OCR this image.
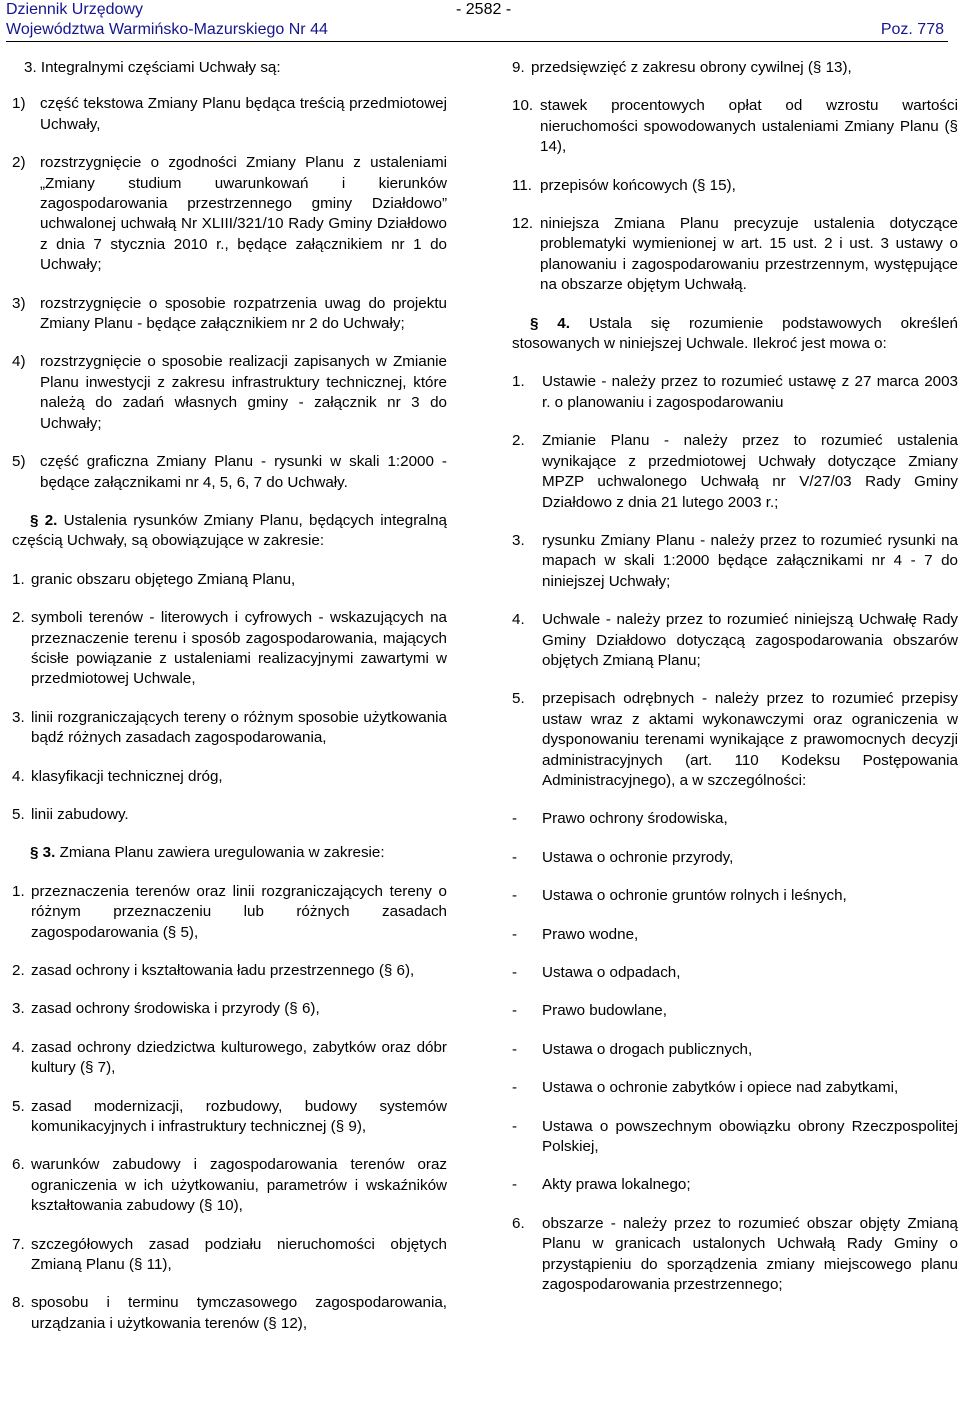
Dziennik Urzędowy
Województwa Warmińsko-Mazurskiego Nr 44
- 2582 -
Poz. 778

3. Integralnymi częściami Uchwały są:

1) część tekstowa Zmiany Planu będąca treścią przedmiotowej Uchwały,
2) rozstrzygnięcie o zgodności Zmiany Planu z ustaleniami „Zmiany studium uwarunkowań i kierunków zagospodarowania przestrzennego gminy Działdowo” uchwalonej uchwałą Nr XLIII/321/10 Rady Gminy Działdowo z dnia 7 stycznia 2010 r., będące załącznikiem nr 1 do Uchwały;
3) rozstrzygnięcie o sposobie rozpatrzenia uwag do projektu Zmiany Planu - będące załącznikiem nr 2 do Uchwały;
4) rozstrzygnięcie o sposobie realizacji zapisanych w Zmianie Planu inwestycji z zakresu infrastruktury technicznej, które należą do zadań własnych gminy - załącznik nr 3 do Uchwały;
5) część graficzna Zmiany Planu - rysunki w skali 1:2000 - będące załącznikami nr 4, 5, 6, 7 do Uchwały.

§ 2. Ustalenia rysunków Zmiany Planu, będących integralną częścią Uchwały, są obowiązujące w zakresie:

1. granic obszaru objętego Zmianą Planu,
2. symboli terenów - literowych i cyfrowych - wskazujących na przeznaczenie terenu i sposób zagospodarowania, mających ścisłe powiązanie z ustaleniami realizacyjnymi zawartymi w przedmiotowej Uchwale,
3. linii rozgraniczających tereny o różnym sposobie użytkowania bądź różnych zasadach zagospodarowania,
4. klasyfikacji technicznej dróg,
5. linii zabudowy.

§ 3. Zmiana Planu zawiera uregulowania w zakresie:

1. przeznaczenia terenów oraz linii rozgraniczających tereny o różnym przeznaczeniu lub różnych zasadach zagospodarowania (§ 5),
2. zasad ochrony i kształtowania ładu przestrzennego (§ 6),
3. zasad ochrony środowiska i przyrody (§ 6),
4. zasad ochrony dziedzictwa kulturowego, zabytków oraz dóbr kultury (§ 7),
5. zasad modernizacji, rozbudowy, budowy systemów komunikacyjnych i infrastruktury technicznej (§ 9),
6. warunków zabudowy i zagospodarowania terenów oraz ograniczenia w ich użytkowaniu, parametrów i wskaźników kształtowania zabudowy (§ 10),
7. szczegółowych zasad podziału nieruchomości objętych Zmianą Planu (§ 11),
8. sposobu i terminu tymczasowego zagospodarowania, urządzania i użytkowania terenów (§ 12),
9. przedsięwzięć z zakresu obrony cywilnej (§ 13),
10. stawek procentowych opłat od wzrostu wartości nieruchomości spowodowanych ustaleniami Zmiany Planu (§ 14),
11. przepisów końcowych (§ 15),
12. niniejsza Zmiana Planu precyzuje ustalenia dotyczące problematyki wymienionej w art. 15 ust. 2 i ust. 3 ustawy o planowaniu i zagospodarowaniu przestrzennym, występujące na obszarze objętym Uchwałą.

§ 4. Ustala się rozumienie podstawowych określeń stosowanych w niniejszej Uchwale. Ilekroć jest mowa o:

1.	Ustawie - należy przez to rozumieć ustawę z 27 marca 2003 r. o planowaniu i zagospodarowaniu
2.	Zmianie Planu - należy przez to rozumieć ustalenia wynikające z przedmiotowej Uchwały dotyczące Zmiany MPZP uchwalonego Uchwałą nr V/27/03 Rady Gminy Działdowo z dnia 21 lutego 2003 r.;
3.	rysunku Zmiany Planu - należy przez to rozumieć rysunki na mapach w skali 1:2000 będące załącznikami nr 4 - 7 do niniejszej Uchwały;
4.	Uchwale - należy przez to rozumieć niniejszą Uchwałę Rady Gminy Działdowo dotyczącą zagospodarowania obszarów objętych Zmianą Planu;
5.	przepisach odrębnych - należy przez to rozumieć przepisy ustaw wraz z aktami wykonawczymi oraz ograniczenia w dysponowaniu terenami wynikające z prawomocnych decyzji administracyjnych (art. 110 Kodeksu Postępowania Administracyjnego), a w szczególności:
-	Prawo ochrony środowiska,
-	Ustawa o ochronie przyrody,
-	Ustawa o ochronie gruntów rolnych i leśnych,
-	Prawo wodne,
-	Ustawa o odpadach,
-	Prawo budowlane,
-	Ustawa o drogach publicznych,
-	Ustawa o ochronie zabytków i opiece nad zabytkami,
-	Ustawa o powszechnym obowiązku obrony Rzeczpospolitej Polskiej,
-	Akty prawa lokalnego;
6.	obszarze - należy przez to rozumieć obszar objęty Zmianą Planu w granicach ustalonych Uchwałą Rady Gminy o przystąpieniu do sporządzenia zmiany miejscowego planu zagospodarowania przestrzennego;
